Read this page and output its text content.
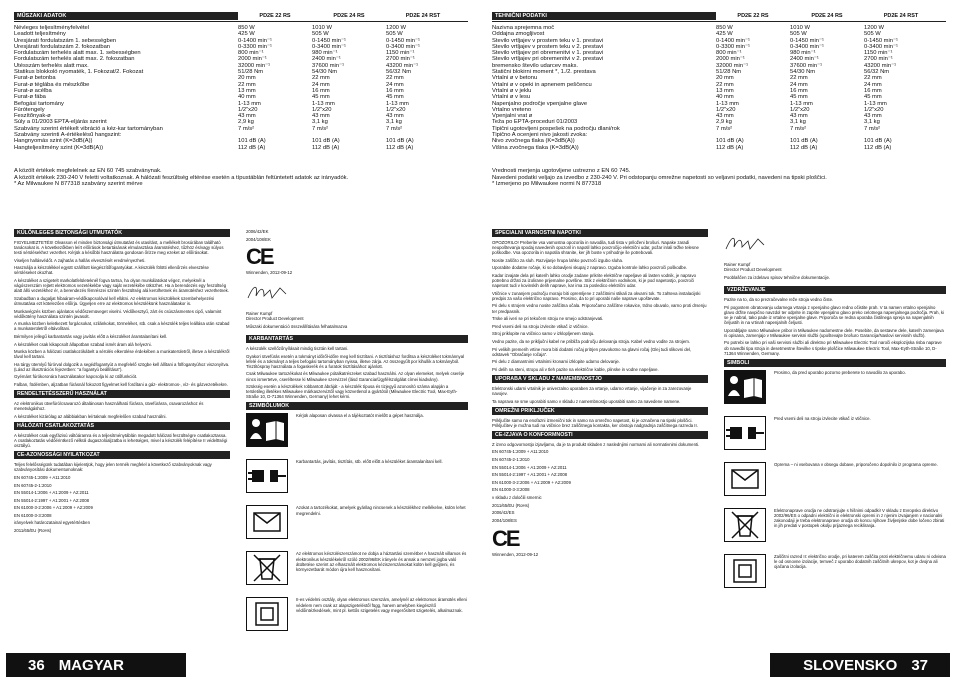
MŰSZAKI ADATOK	PD2E 22 RS	PD2E 24 RS	PD2E 24 RST
Névleges teljesítményfelvétel	850 W	1010 W	1200 W
Leadott teljesítmény	425 W	505 W	505 W
Üresjárati fordulatszám 1. sebességben	0-1400 min⁻¹	0-1450 min⁻¹	0-1450 min⁻¹
Üresjárati fordulatszám 2. fokozatban	0-3300 min⁻¹	0-3400 min⁻¹	0-3400 min⁻¹
Fordulatszám terhelés alatt max. 1. sebességben	800 min⁻¹	980 min⁻¹	1150 min⁻¹
Fordulatszám terhelés alatt max. 2. fokozatban	2000 min⁻¹	2400 min⁻¹	2700 min⁻¹
Ütésszám terhelés alatt max.	32000 min⁻¹	37600 min⁻¹	43200 min⁻¹
Statikus blokkoló nyomaték, 1. Fokozat/2. Fokozat	51/28 Nm	54/30 Nm	56/32 Nm
Furat-ø betonba	20 mm	22 mm	22 mm
Furat-ø téglába és mészkőbe	22 mm	24 mm	24 mm
Furat-ø acélba	13 mm	16 mm	16 mm
Furat-ø fába	40 mm	45 mm	45 mm
Befogási tartomány	1-13 mm	1-13 mm	1-13 mm
Fúrótengely	1/2"x20	1/2"x20	1/2"x20
Feszítőnyak-ø	43 mm	43 mm	43 mm
Súly a 01/2003 EPTA-eljárás szerint	2,9 kg	3,1 kg	3,1 kg
Szabvány szerint értékelt vibráció a kéz-kar tartományban	7 m/s²	7 m/s²	7 m/s²
Szabvány szerinti A-értékelésű hangszint:
Hangnyomás szint (K=3dB(A))	101 dB (A)	101 dB (A)	101 dB (A)
Hangteljesítmény szint (K=3dB(A))	112 dB (A)	112 dB (A)	112 dB (A)
A közölt értékek megfelelnek az EN 60 745 szabványnak.
A közölt értékek 230-240 V feletti voltatkoznak. A hálózati feszültség eltérése esetén a típustáblán feltüntetett adatok az irányadók.
* Az Milwaukee N 877318 szabvány szerint mérve
KÜLÖNLEGES BIZTONSÁGI UTMUTATÓK
FIGYELMEZTETÉS! Olvasson el minden biztonsági útmutatást és utasítást, a mellékelt brosúrában található tanácsokat is. A következőkben leírt előírások betartásának elmulasztása áramütéshez, tűzhöz és/vagy súlyos testi sérülésekhez vezethet. Kérjük a későbbi használatra gondosan őrizze meg ezeket az előírásokat.
Viseljen hallásvédőt. A zajhatás a hallás elvesztését eredményezheti.
Használja a készülékkel együtt szállított kiegészítőfogantyúkat. A készülék fölötti ellenőrzés elvesztése sérüléseket okozhat.
A készüléket a szigetelt markolatfelületeknél fogva tartsa, ha olyan munkálatokat végez, melyeknél a vágószerszám rejtett elektromos vezetékekbe vagy saját vezetékébe ütközhet. Ha a berendezés egy feszültség alatt álló vezetékhez ér, a berendezés fémrészei szintén feszültség alá kerülhetnek és áramütéshez vezethetnek.
Szabadban a dugaljat hibaáram-védőkapcsolóval kell ellátni. Az elektromos készülékek üzembehelyezési útmutatása ezt kötelezően előírja. Ügyeljen erre az elektromos készülékünk használatakor is.
Munkavégzés közben ajánlatos védőszemüveget viselni. Védőkesztyű, zárt és csúszásmentes cipő, valamint védőkötény használata szintén javasolt.
A munka közben keletkezett forgácsokat, szilánkokat, törmeléket, stb. csak a készülék teljes leállása után szabad a munkaterületről eltávolítani.
Bérmilyen jellegű karbantartás vagy javítás előtt a készüléket áramtalanítani kell.
A készüléket csak kikapcsolt állapotban szabad ismét áram alá helyezni.
Munka közben a hálózati csatlakozókábelt a sérülés elkerülése érdekében a munkaterületről, illetve a készülékről távol kell tartani.
Ha tárgy ütemlyű fúrórval dolgozik a segédfogantyút a megfelelő szögbe kell állítani a fölfogantyúhoz viszonyítva. (Lásd az illusztrációs fejezetben: "a fogantyú beállítása").
Gyémánt fúrókoronára használatakor kapcsolja ki az ütőfunkciót.
Falban, födémben, aljzatban fúrásnál fokozott figyelmet kell fordítani a gáz- elektromos-, víz- és gázvezetékekre.
RENDELTETÉSSZERŰ HASZNÁLAT
Az elektronikus ütvefúró/csavarozó általánosan használható fúrásra, ütvefúrásra, csavarozáshoz és menetvágáshoz.
A készüléket kizárólag az alábbiakban leírtaknak megfelelően szabad használni.
HÁLÓZATI CSATLAKOZTATÁS
A készüléket csak egyfázisú váltóáramra és a teljesítménytáblán megadott hálózati feszültségre csatlakoztassa. A csatlakoztatás védőérintkező nélküli dugaszolóaljzatba is lehetséges, mivel a készülék felépítése II védelttségi osztályú.
CE-AZONOSSÁGI NYILATKOZAT
Teljes felelősségünk tudatában kijelentjük, hogy jelen termék megfelel a következő szabványoknak vagy szabványosítási dokumentumoknak:
EN 60745-1:2009 + A11:2010
EN 60745-2-1:2010
EN 55014-1:2006 + A1:2009 + A2:2011
EN 55014-2:1997 + A1:2001 + A2:2008
EN 61000-3-2:2006 + A1:2009 + A2:2009
EN 61000-3-3:2008
irányelvek határozatainal egyetértésben
2011/65/EU (RoHs)
2006/42/EK
2004/108/EK
CE
Winnenden, 2012-09-12
Rainer Kumpf
Director Product Development
Műszaki dokumentáció összeállítására felhatalmazva
KARBANTARTÁS
A készülék szellőzőnyílásait mindig tisztán kell tartani.
Gyakori ütvefúrás esetén a tokmányt időről-időre meg kell tisztítani. A tisztításhoz fordítsa a készüléket tokmánnyal lefelé és a tokmányt a teljes befogási tartományban nyissa, illetve zárja. Az összegyűlt por kihullik a tokmányból. Tisztítóspray használata a fogaskerék és a furatok tisztításához ajánlott.
Csak Milwaukee tartozékokat és Milwaukee pótalkatrészeket szabad használni. Az olyan elemeket, melyek cseréje nincs ismertetve, cseréltesse ki Milwaukee szervizzel (lásd Garancia/Ügyfélszolgálat címei kiadvány).
Szükség esetén a készülékek robbantott ábráját - a készülék típusa és tizjegyű azonosító száma alapján a területileg illetékes Milwaukee márkaszerviztől vagy közvetlenül a gyártótól (Milwaukee Electric Tool, Max-Eyth-Straße 10, D-71364 Winnenden, Germany) lehet kérni.
SZIMBÓLUMOK
Kérjük alaposan olvassa el a tájékoztatót mielőtt a gépet használja.
Karbantartás, javítás, tisztítás, stb. előtt előtt a készüléket áramtalanítani kell.
Azokat a tartozékokat, amelyek gyárilag nincsenek a készülékhez mellékelve, külön lehet megrendelni.
Az elektromos készülészerszámot ne dobja a háztartási szemétbe! A használt villamos és elektronikus készülékekről szóló 2002/96/EK irányelv és annak a nemzeti jogba való átültetése szerint az elhasznált elektromos kéziszerszámokat külön kell gyűjteni, és környezetbarát módon újra kell hasznosítani.
II-es védelmi osztály, olyan elektromos szerszám, amelynél az elektromos áramütés elleni védelem nem csak az alapszigeteléstől függ, hanem amelyben kiegészítő védőintézkedések, mint pl. kettős szigetelés vagy megerősített szigetelés, alkalmaznak.
36 MAGYAR
TEHNIČNI PODATKI	PD2E 22 RS	PD2E 24 RS	PD2E 24 RST
Nazivna sprejemna moč	850 W	1010 W	1200 W
Oddajna zmogljivost	425 W	505 W	505 W
Število vrtljajev v prostem teku v 1. prestavi	0-1400 min⁻¹	0-1450 min⁻¹	0-1450 min⁻¹
Število vrtljajev v prostem teku v 2. prestavi	0-3300 min⁻¹	0-3400 min⁻¹	0-3400 min⁻¹
Število vrtljajev pri obremenitvi v 1. prestavi	800 min⁻¹	980 min⁻¹	1150 min⁻¹
Število vrtljajev pri obremenitvi v 2. prestavi	2000 min⁻¹	2400 min⁻¹	2700 min⁻¹
bremensko število udarcev maks.	32000 min⁻¹	37600 min⁻¹	43200 min⁻¹
Statični blokirni moment *, 1./2. prestava	51/28 Nm	54/30 Nm	56/32 Nm
Vrtalni ø v betonu	20 mm	22 mm	22 mm
Vrtalni ø v opeki in apnenem peščencu	22 mm	24 mm	24 mm
Vrtalni ø v jeklu	13 mm	16 mm	16 mm
Vrtalni ø v lesu	40 mm	45 mm	45 mm
Napenjalno področje vpenjalne glave	1-13 mm	1-13 mm	1-13 mm
Vrtalno vreteno	1/2"x20	1/2"x20	1/2"x20
Vpenjalni vrat ø	43 mm	43 mm	43 mm
Teža po EPTA-proceduri 01/2003	2,9 kg	3,1 kg	3,1 kg
Tipični ugotovljeni pospešek na področju dlani/rok	7 m/s²	7 m/s²	7 m/s²
Tipično A ocenjeni nivo jakosti zvoka:
Nivo zvočnega tlaka (K=3dB(A))	101 dB (A)	101 dB (A)	101 dB (A)
Višina zvočnega tlaka (K=3dB(A))	112 dB (A)	112 dB (A)	112 dB (A)
Vrednosti merjenja ugotovljene ustrezno z EN 60 745.
Navedeni podatki veljajo za izvedbo z 230-240 V. Pri odstopanju omrežne napetosti so veljavni podatki, navedeni na tipski ploščici.
* Izmerjeno po Milwaukee normi N 877318
SPECIALNI VARNOSTNI NAPOTKI
OPOZORILO! Preberite vsa varnostna opozorila in navodila, tudi tista v priloženi brošuri. Napake zaradi neupoštevanja spodaj navedenih opozoril in napotil lahko povzročijo električni udar, požar in/ali težke telesne poškodbe. Vsa opozorila in napotila shranite, ker jih boste v prihodnje še potrebovali.
Nosite zaščito za sluh. Razvijanje hrupa lahko povzroči izgubo sluha.
Uporabite dodatne ročaje, ki so dobavljeni skupaj z napravo. Izguba kontrole lahko povzroči poškodbe.
Kadar izvajate dela pri katerih lahko orodje zadane prikrite električne napeljave ali lasten vodnik, je napravo potrebno držati za izolirane prijemalne površine. Stik z električnim vodnikom, ki je pod napetostjo, povzroči napetost tudi v kovinskih delih naprave, kar ima za posledico električni udar.
Vtičnice v zunanjem področju morajo biti opremljene z zaščitnimi stikali za okvarni tok. To zahteva instalacijski predpis za vašo električno napravo. Prosimo, da to pri uporabi naše naprave upoštevate.
Pri delu s strojem vedno nosite zaščitna očala. Priporočamo zaščitne rokavice, trdno obuvalo, varno proti drsenju ter predpasnik.
Trske ali iveri se pri tekočem stroju ne smejo odstranjevati.
Pred vsemi deli na stroju izvlecite vtikač iz vtičnice.
Stroj priklopite na vtičnico samo v izklopljenem stanju.
Vedno pazite, da se priključni kabel ne približa področju delovanja stroja. Kabel vedno vodite za strojem.
Pri velikih premerih vrtine mora biti dodatni ročaj pritrjen pravokotno na glavni ročaj (Glej tudi slikovni del, odstavek "Obračanje ročaja".
Pri delu z diamantnimi vrtalnimi kronami izklopite udarno delovanje.
Pri delih na steni, stropu ali v tleh pazite na električne kable, plinske in vodne napeljave.
UPORABA V SKLADU Z NAMEMBNOSTJO
Elektronski udarni vrtalnik je univerzalno uporaben za vrtanje, udarno vrtanje, vijačenje in za zarezovanje navojev.
Ta naprava se sme uporabiti samo v skladu z namembnostjo uporabiti samo za navedene namene.
OMREŽNI PRIKLJUČEK
Priključite samo na enofazni izmenični tok in samo na omrežno napetost, ki je označena na tipski ploščici. Priključitev je možna tudi na vtičnice brez zaščitnega kontakta, ker obstoja nadgradnja zaščitnega razreda II.
CE-IZJAVA O KONFORMNOSTI
Z izvno odgovornostjo izjavljamo, da je ta produkt skladen z naslednjimi normami ali normativnimi dokumenti.
EN 60745-1:2009 + A11:2010
EN 60745-2-1:2010
EN 55014-1:2006 + A1:2009 + A2:2011
EN 55014-2:1997 + A1:2001 + A2:2008
EN 61000-3-2:2006 + A1:2009 + A2:2009
EN 61000-3-3:2008
v skladu z določili smernic
2011/65/EU (RoHs)
2006/42/ES
2004/108/ES
CE
Winnenden, 2012-09-12
Rainer Kumpf
Director Product Development
Pooblaščen za izdelavo spisov tehnične dokumentacije.
VZDRŽEVANJE
Pazite na to, da so prezračevalne reže stroja vedno čiste.
Pri pogostem obratovanju udarnega vrtanja z vpenjalno glavo redno očistite prah. V ta namen vrtalno vpenjalno glavo držite navpično navzdol ter odprite in zaprite vpenjalno glavo preko celotnega napenjalnega področja. Prah, ki se je nabral, tako pade iz vrtalne vpenjalne glave. Priporoča se redna uporaba čistilnega spreja na napenjalnih čeljustih in na vrtinah napenjalnih čeljusti.
Uporabljajte samo Milwaukee pribor in Milwaukee nadomestne dele. Posebite, da sestavne dele, katerih zamenjava ni opisana, zamenjajo v Milwaukee servisni službi (upoštevajte brošuro Garancija/Naslovi servisnih služb).
Po potrebi se lahko pri vaši servisni službi ali direktno pri Milwaukee Electric Tool naroči eksplozijska risba naprave ob navedbi tipa stroja in desetmestne številke s tipske ploščice Milwaukee Electric Tool, Max-Eyth-Straße 10, D-71364 Winnenden, Germany.
SIMBOLI
Prosimo, da pred uporabo pozorno preberete to navodilo za uporabo.
Pred vsemi deli na stroju izvlecite vtikač iz vtičnice.
Oprema – ni vsebovana v obsegu dobave, priporočeno dopolnilo iz programa opreme.
Elektronaprave orodja ne odstranjujte s hišnimi odpadki! V skladu z Evropsko direktivo 2002/96/ES o odpadni električni in elektronski opremi in z njenim izvajanjem v nacionalni zakonodaji je treba elektronaprave orodja ob koncu njihove življenjske dobe ločeno zbirati in jih predati v postopek okolju prijaznega recikliranja.
Zaščitni razred II: električno orodje, pri katerem zaščita proti električnemu udaru ni odvisna le od osnovne izolacije, temveč z uporabo dodatnih zaščitnih ukrepov, kot je dvojna ali ojačana izolacija.
SLOVENSKO 37
